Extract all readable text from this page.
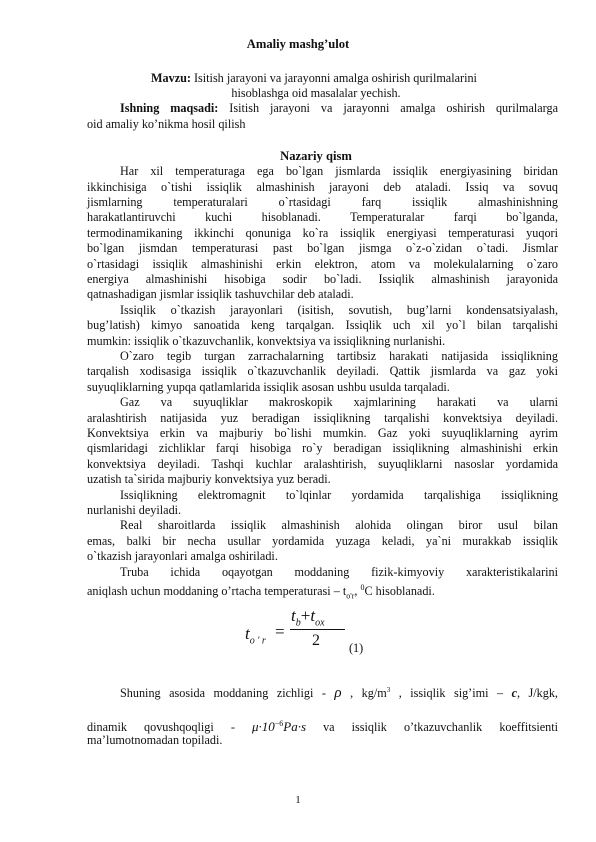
Amaliy mashg’ulot
Mavzu: Isitish jarayoni va jarayonni amalga oshirish qurilmalarini
hisoblashga oid masalalar yechish.
Ishning maqsadi: Isitish jarayoni va jarayonni amalga oshirish qurilmalarga
oid amaliy ko’nikma hosil qilish
Nazariy qism
Har xil temperaturaga ega bo`lgan jismlarda issiqlik energiyasining biridan
ikkinchisiga o`tishi issiqlik almashinish jarayoni deb ataladi. Issiq va sovuq
jismlarning temperaturalari o`rtasidagi farq issiqlik almashinishning
harakatlantiruvchi kuchi hisoblanadi. Temperaturalar farqi bo`lganda,
termodinamikaning ikkinchi qonuniga ko`ra issiqlik energiyasi temperaturasi yuqori
bo`lgan jismdan temperaturasi past bo`lgan jismga o`z-o`zidan o`tadi. Jismlar
o`rtasidagi issiqlik almashinishi erkin elektron, atom va molekulalarning o`zaro
energiya almashinishi hisobiga sodir bo`ladi. Issiqlik almashinish jarayonida
qatnashadigan jismlar issiqlik tashuvchilar deb ataladi.
Issiqlik o`tkazish jarayonlari (isitish, sovutish, bug’larni kondensatsiyalash,
bug’latish) kimyo sanoatida keng tarqalgan. Issiqlik uch xil yo`l bilan tarqalishi
mumkin: issiqlik o`tkazuvchanlik, konvektsiya va issiqlikning nurlanishi.
O`zaro tegib turgan zarrachalarning tartibsiz harakati natijasida issiqlikning
tarqalish xodisasiga issiqlik o`tkazuvchanlik deyiladi. Qattik jismlarda va gaz yoki
suyuqliklarning yupqa qatlamlarida issiqlik asosan ushbu usulda tarqaladi.
Gaz va suyuqliklar makroskopik xajmlarining harakati va ularni
aralashtirish natijasida yuz beradigan issiqlikning tarqalishi konvektsiya deyiladi.
Konvektsiya erkin va majburiy bo`lishi mumkin. Gaz yoki suyuqliklarning ayrim
qismlaridagi zichliklar farqi hisobiga ro`y beradigan issiqlikning almashinishi erkin
konvektsiya deyiladi. Tashqi kuchlar aralashtirish, suyuqliklarni nasoslar yordamida
uzatish ta`sirida majburiy konvektsiya yuz beradi.
Issiqlikning elektromagnit to`lqinlar yordamida tarqalishiga issiqlikning
nurlanishi deyiladi.
Real sharoitlarda issiqlik almashinish alohida olingan biror usul bilan
emas, balki bir necha usullar yordamida yuzaga keladi, ya`ni murakkab issiqlik
o`tkazish jarayonlari amalga oshiriladi.
Truba ichida oqayotgan moddaning fizik-kimyoviy xarakteristikalarini
aniqlash uchun moddaning o’rtacha temperaturasi – $t_{o'r}$, $^0$C hisoblanadi.
$t_{o ' r}$ =
$t_b+t_{ox}$
2 (1)
Shuning asosida moddaning zichligi - ρ , $kg/m^3$ , issiqlik sig’imi – c, J/kgk,
dinamik qovushqoqligi - $\mu\cdot 10^{-6}Pa\cdot s$ va issiqlik o’tkazuvchanlik koeffitsienti
ma’lumotnomadan topiladi.
1
